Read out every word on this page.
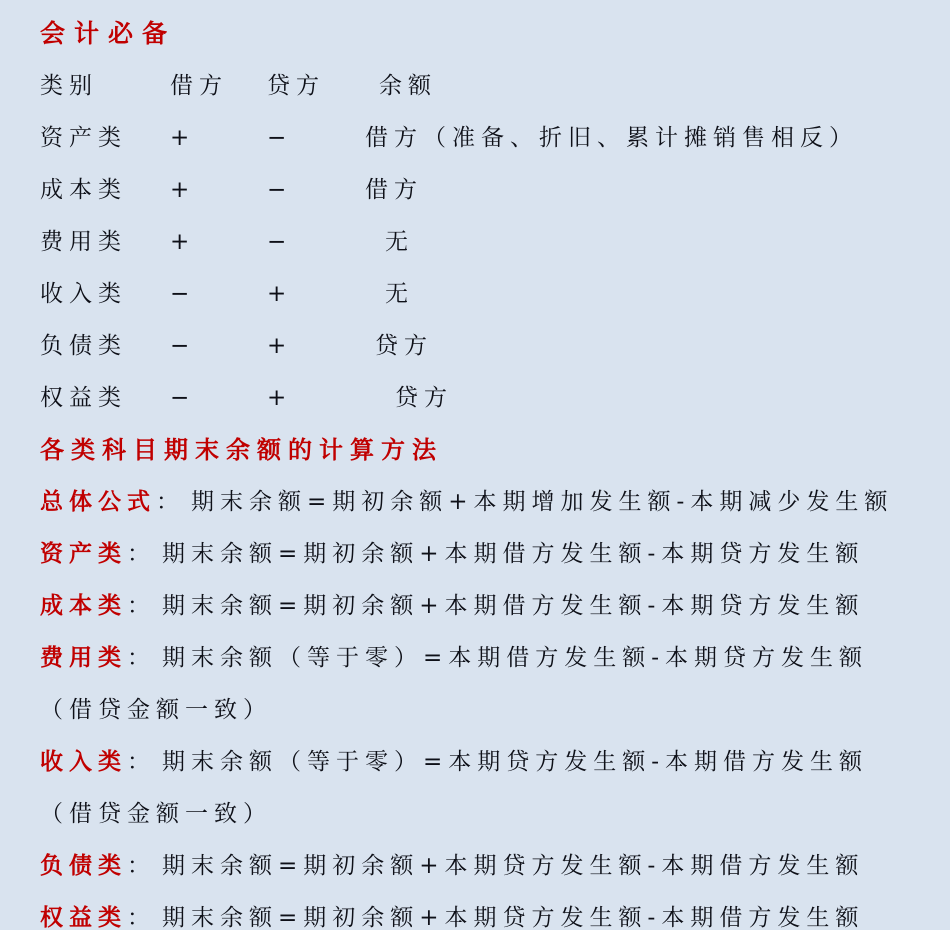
会计必备
类别	借方	贷方	余额
资产类	+	−	借方（准备、折旧、累计摊销售相反）
成本类	+	−	借方
费用类	+	−	无
收入类	−	+	无
负债类	−	+	贷方
权益类	−	+	贷方
各类科目期末余额的计算方法

总体公式： 期末余额=期初余额+本期增加发生额-本期减少发生额

资产类： 期末余额=期初余额+本期借方发生额-本期贷方发生额

成本类： 期末余额=期初余额+本期借方发生额-本期贷方发生额

费用类： 期末余额（等于零）=本期借方发生额-本期贷方发生额（借贷金额一致）

收入类： 期末余额（等于零）=本期贷方发生额-本期借方发生额（借贷金额一致）

负债类： 期末余额=期初余额+本期贷方发生额-本期借方发生额

权益类： 期末余额=期初余额+本期贷方发生额-本期借方发生额
